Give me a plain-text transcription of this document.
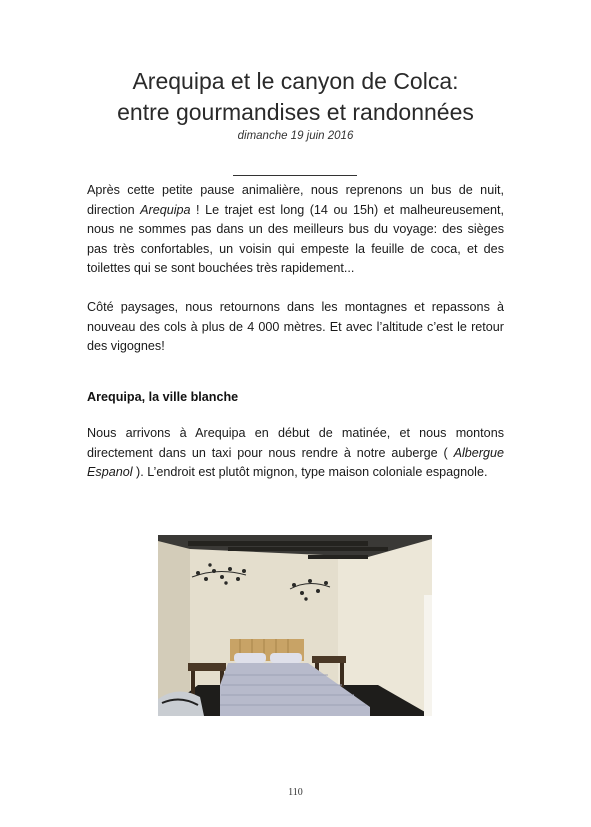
Arequipa et le canyon de Colca:
entre gourmandises et randonnées
dimanche 19 juin 2016

Après cette petite pause animalière, nous reprenons un bus de nuit, direction Arequipa ! Le trajet est long (14 ou 15h) et malheureusement, nous ne sommes pas dans un des meilleurs bus du voyage: des sièges pas très confortables, un voisin qui empeste la feuille de coca, et des toilettes qui se sont bouchées très rapidement...

Côté paysages, nous retournons dans les montagnes et repassons à nouveau des cols à plus de 4 000 mètres. Et avec l’altitude c’est le retour des vigognes!

Arequipa, la ville blanche

Nous arrivons à Arequipa en début de matinée, et nous montons directement dans un taxi pour nous rendre à notre auberge ( Albergue Espanol ). L’endroit est plutôt mignon, type maison coloniale espagnole.

110
